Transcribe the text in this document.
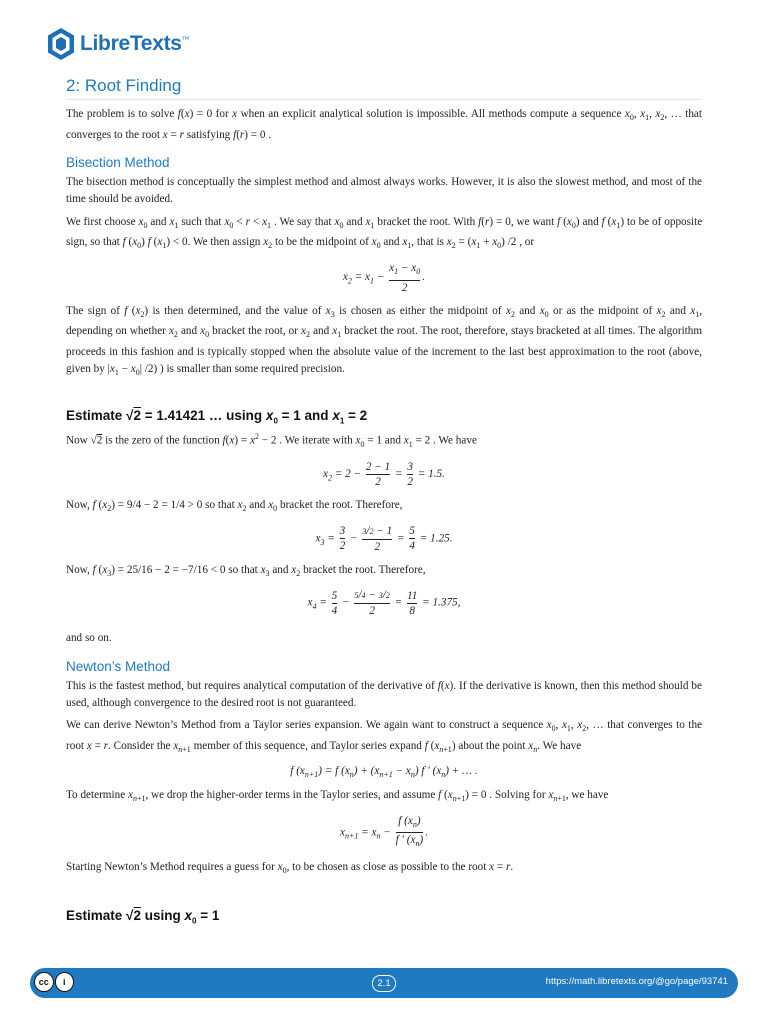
LibreTexts™
2: Root Finding

The problem is to solve f(x) = 0 for x when an explicit analytical solution is impossible. All methods compute a sequence $x_0$, $x_1$, $x_2$, … that converges to the root x = r satisfying f(r) = 0 .

Bisection Method

The bisection method is conceptually the simplest method and almost always works. However, it is also the slowest method, and most of the time should be avoided.

We first choose $x_0$ and $x_1$ such that $x_0 < r < x_1$ . We say that $x_0$ and $x_1$ bracket the root. With f(r) = 0, we want f $(x_0)$ and f $(x_1)$ to be of opposite sign, so that f $(x_0)$ f $(x_1) < 0$. We then assign $x_2$ to be the midpoint of $x_0$ and $x_1$, that is $x_2 = (x_1 + x_0)$ /2 , or

$x_2 = x_1 - \frac{x_1 - x_0}{2}$ .

The sign of f $(x_2)$ is then determined, and the value of $x_3$ is chosen as either the midpoint of $x_2$ and $x_0$ or as the midpoint of $x_2$ and $x_1$, depending on whether $x_2$ and $x_0$ bracket the root, or $x_2$ and $x_1$ bracket the root. The root, therefore, stays bracketed at all times. The algorithm proceeds in this fashion and is typically stopped when the absolute value of the increment to the last best approximation to the root (above, given by $|x_1 - x_0|$ /2) ) is smaller than some required precision.

Estimate √2 = 1.41421 … using $x_0 = 1$ and $x_1 = 2$

Now √2 is the zero of the function $f(x) = x^2 - 2$ . We iterate with $x_0 = 1$ and $x_1 = 2$ . We have

$x_2 = 2 - \frac{2 - 1}{2} = \frac{3}{2} = 1.5$.

Now, f $(x_2) = 9/4 - 2 = 1/4 > 0$ so that $x_2$ and $x_0$ bracket the root. Therefore,

$x_3 = \frac{3}{2} - \frac{3/2 - 1}{2} = \frac{5}{4} = 1.25$.

Now, f $(x_3) = 25/16 - 2 = -7/16 < 0$ so that $x_3$ and $x_2$ bracket the root. Therefore,

$x_4 = \frac{5}{4} - \frac{5/4 - 3/2}{2} = \frac{11}{8} = 1.375$,

and so on.

Newton’s Method

This is the fastest method, but requires analytical computation of the derivative of f(x). If the derivative is known, then this method should be used, although convergence to the desired root is not guaranteed.

We can derive Newton’s Method from a Taylor series expansion. We again want to construct a sequence $x_0$, $x_1$, $x_2$, … that converges to the root x = r. Consider the $x_{n+1}$ member of this sequence, and Taylor series expand f $(x_{n+1})$ about the point $x_n$. We have

f $(x_{n+1}) = f$ $(x_n) + (x_{n+1} - x_n)$ f ′ $(x_n)$ + … .

To determine $x_{n+1}$, we drop the higher-order terms in the Taylor series, and assume f $(x_{n+1}) = 0$ . Solving for $x_{n+1}$, we have

$x_{n+1} = x_n - \frac{f (x_n)}{f ' (x_n)}$ .

Starting Newton’s Method requires a guess for $x_0$, to be chosen as close as possible to the root x = r.

Estimate √2 using $x_0 = 1$
cc	i	2.1	https://math.libretexts.org/@go/page/93741
